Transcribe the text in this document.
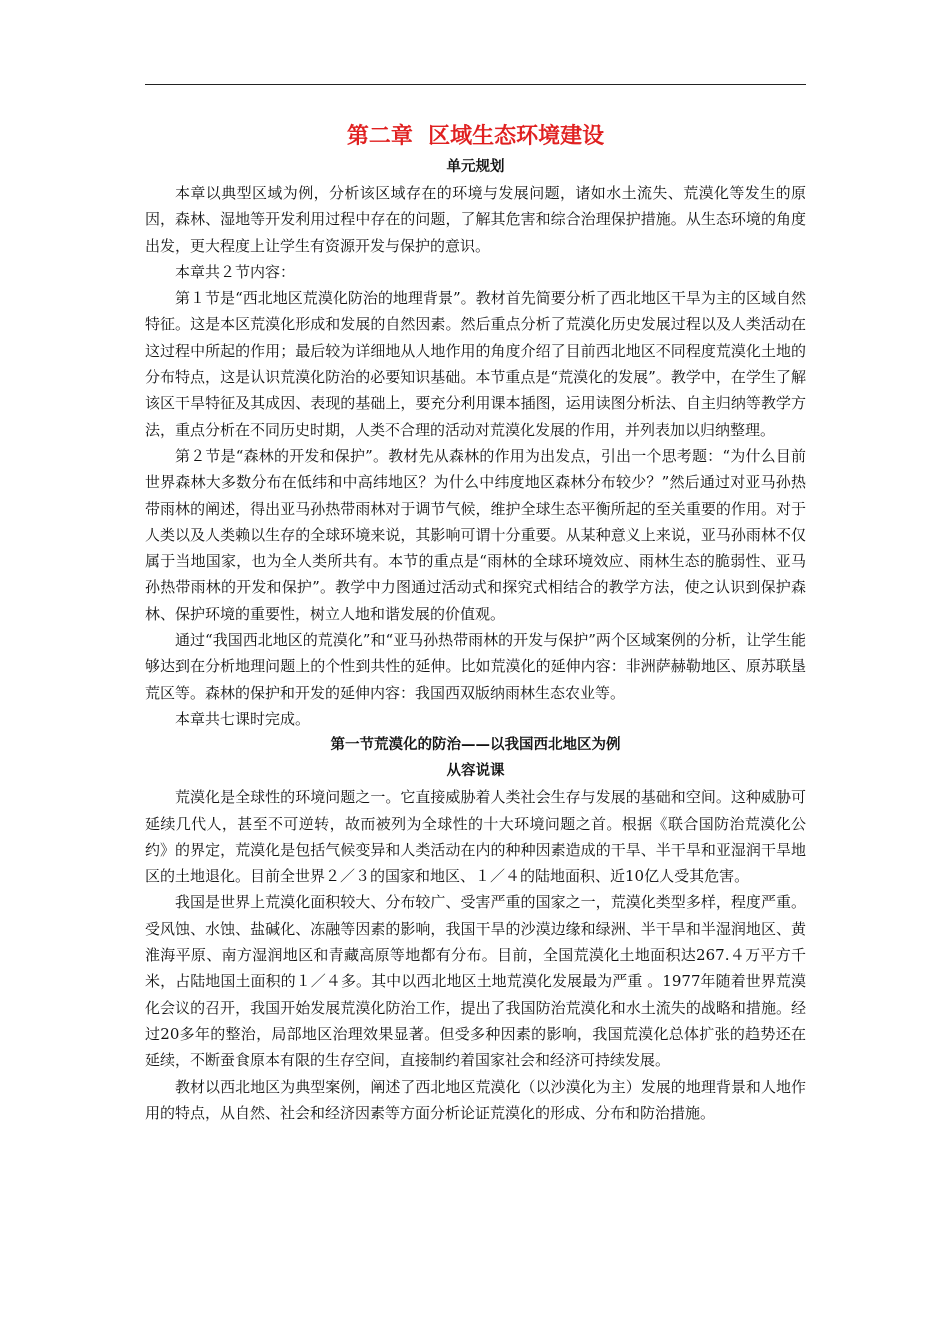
第二章  区域生态环境建设
单元规划

本章以典型区域为例，分析该区域存在的环境与发展问题，诸如水土流失、荒漠化等发生的原因，森林、湿地等开发利用过程中存在的问题，了解其危害和综合治理保护措施。从生态环境的角度出发，更大程度上让学生有资源开发与保护的意识。

本章共２节内容：

第１节是“西北地区荒漠化防治的地理背景”。教材首先简要分析了西北地区干旱为主的区域自然特征。这是本区荒漠化形成和发展的自然因素。然后重点分析了荒漠化历史发展过程以及人类活动在这过程中所起的作用；最后较为详细地从人地作用的角度介绍了目前西北地区不同程度荒漠化土地的分布特点，这是认识荒漠化防治的必要知识基础。本节重点是“荒漠化的发展”。教学中，在学生了解该区干旱特征及其成因、表现的基础上，要充分利用课本插图，运用读图分析法、自主归纳等教学方法，重点分析在不同历史时期，人类不合理的活动对荒漠化发展的作用，并列表加以归纳整理。

第２节是“森林的开发和保护”。教材先从森林的作用为出发点，引出一个思考题：“为什么目前世界森林大多数分布在低纬和中高纬地区？为什么中纬度地区森林分布较少？”然后通过对亚马孙热带雨林的阐述，得出亚马孙热带雨林对于调节气候，维护全球生态平衡所起的至关重要的作用。对于人类以及人类赖以生存的全球环境来说，其影响可谓十分重要。从某种意义上来说，亚马孙雨林不仅属于当地国家，也为全人类所共有。本节的重点是“雨林的全球环境效应、雨林生态的脆弱性、亚马孙热带雨林的开发和保护”。教学中力图通过活动式和探究式相结合的教学方法，使之认识到保护森林、保护环境的重要性，树立人地和谐发展的价值观。

通过“我国西北地区的荒漠化”和“亚马孙热带雨林的开发与保护”两个区域案例的分析，让学生能够达到在分析地理问题上的个性到共性的延伸。比如荒漠化的延伸内容：非洲萨赫勒地区、原苏联垦荒区等。森林的保护和开发的延伸内容：我国西双版纳雨林生态农业等。

本章共七课时完成。

第一节荒漠化的防治——以我国西北地区为例
从容说课

荒漠化是全球性的环境问题之一。它直接威胁着人类社会生存与发展的基础和空间。这种威胁可延续几代人，甚至不可逆转，故而被列为全球性的十大环境问题之首。根据《联合国防治荒漠化公约》的界定，荒漠化是包括气候变异和人类活动在内的种种因素造成的干旱、半干旱和亚湿润干旱地区的土地退化。目前全世界２／３的国家和地区、１／４的陆地面积、近10亿人受其危害。

我国是世界上荒漠化面积较大、分布较广、受害严重的国家之一，荒漠化类型多样，程度严重。受风蚀、水蚀、盐碱化、冻融等因素的影响，我国干旱的沙漠边缘和绿洲、半干旱和半湿润地区、黄淮海平原、南方湿润地区和青藏高原等地都有分布。目前，全国荒漠化土地面积达267.４万平方千米，占陆地国土面积的１／４多。其中以西北地区土地荒漠化发展最为严重 。1977年随着世界荒漠化会议的召开，我国开始发展荒漠化防治工作，提出了我国防治荒漠化和水土流失的战略和措施。经过20多年的整治，局部地区治理效果显著。但受多种因素的影响，我国荒漠化总体扩张的趋势还在延续，不断蚕食原本有限的生存空间，直接制约着国家社会和经济可持续发展。

教材以西北地区为典型案例，阐述了西北地区荒漠化（以沙漠化为主）发展的地理背景和人地作用的特点，从自然、社会和经济因素等方面分析论证荒漠化的形成、分布和防治措施。
